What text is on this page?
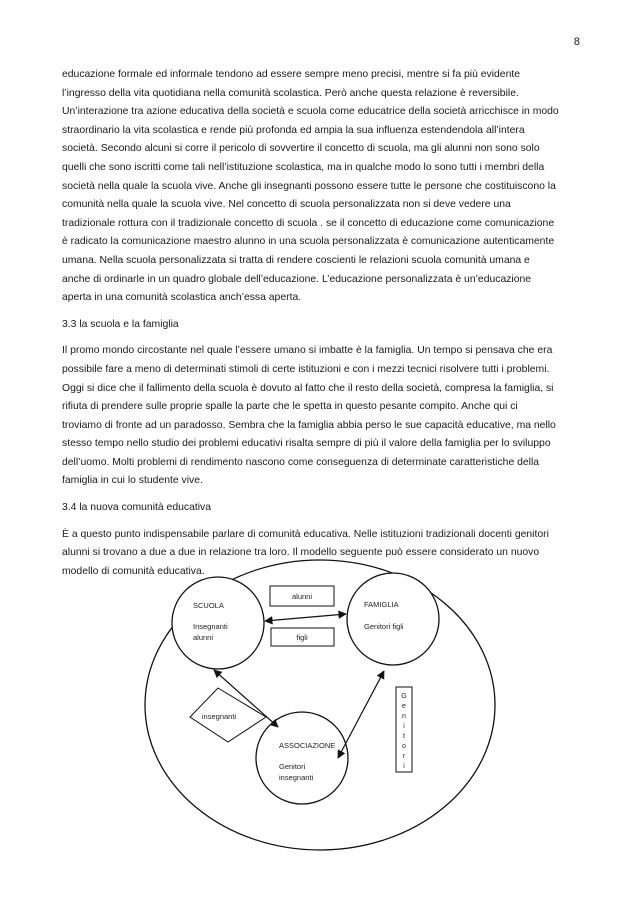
8

educazione formale ed informale tendono ad essere sempre meno precisi, mentre si fa più evidente

l’ingresso della vita quotidiana nella comunità scolastica. Però anche questa relazione è reversibile.

Un’interazione tra azione educativa della società e scuola come educatrice della società arricchisce in modo

straordinario la vita scolastica e rende più profonda ed ampia la sua influenza estendendola all’intera

società. Secondo alcuni si corre il pericolo di sovvertire il concetto di scuola, ma gli alunni non sono solo

quelli che sono iscritti come tali nell’istituzione scolastica, ma in qualche modo lo sono tutti i membri della

società nella quale la scuola vive. Anche gli insegnanti possono essere tutte le persone che costituiscono la

comunità nella quale la scuola vive. Nel concetto di scuola personalizzata non si deve vedere una

tradizionale rottura con il tradizionale concetto di scuola . se il concetto di educazione come comunicazione

è radicato la comunicazione maestro alunno in una scuola personalizzata è comunicazione autenticamente

umana. Nella scuola personalizzata si tratta di rendere coscienti le relazioni scuola comunità umana e

anche di ordinarle in un quadro globale dell’educazione. L’educazione personalizzata è un’educazione

aperta in una comunità scolastica anch’essa aperta.

3.3 la scuola e la famiglia

Il promo mondo circostante nel quale l’essere umano si imbatte è la famiglia. Un tempo si pensava che era

possibile fare a meno di determinati stimoli di certe istituzioni e con i mezzi tecnici risolvere tutti i problemi.

Oggi si dice che il fallimento della scuola è dovuto al fatto che il resto della società, compresa la famiglia, si

rifiuta di prendere sulle proprie spalle la parte che le spetta in questo pesante compito. Anche qui ci

troviamo di fronte ad un paradosso. Sembra che la famiglia abbia perso le sue capacità educative, ma nello

stesso tempo nello studio dei problemi educativi risalta sempre di più il valore della famiglia per lo sviluppo

dell’uomo. Molti problemi di rendimento nascono come conseguenza di determinate caratteristiche della

famiglia in cui lo studente vive.

3.4 la nuova comunità educativa

È a questo punto indispensabile parlare di comunità educativa. Nelle istituzioni tradizionali docenti genitori

alunni si trovano a due a due in relazione tra loro. Il modello seguente può essere considerato un nuovo

modello di comunità educativa.

SCUOLA
Insegnanti
alunni
FAMIGLIA
Genitori figli
ASSOCIAZIONE
Genitori
insegnanti
alunni
figli
insegnanti
G
e
n
i
t
o
r
i
